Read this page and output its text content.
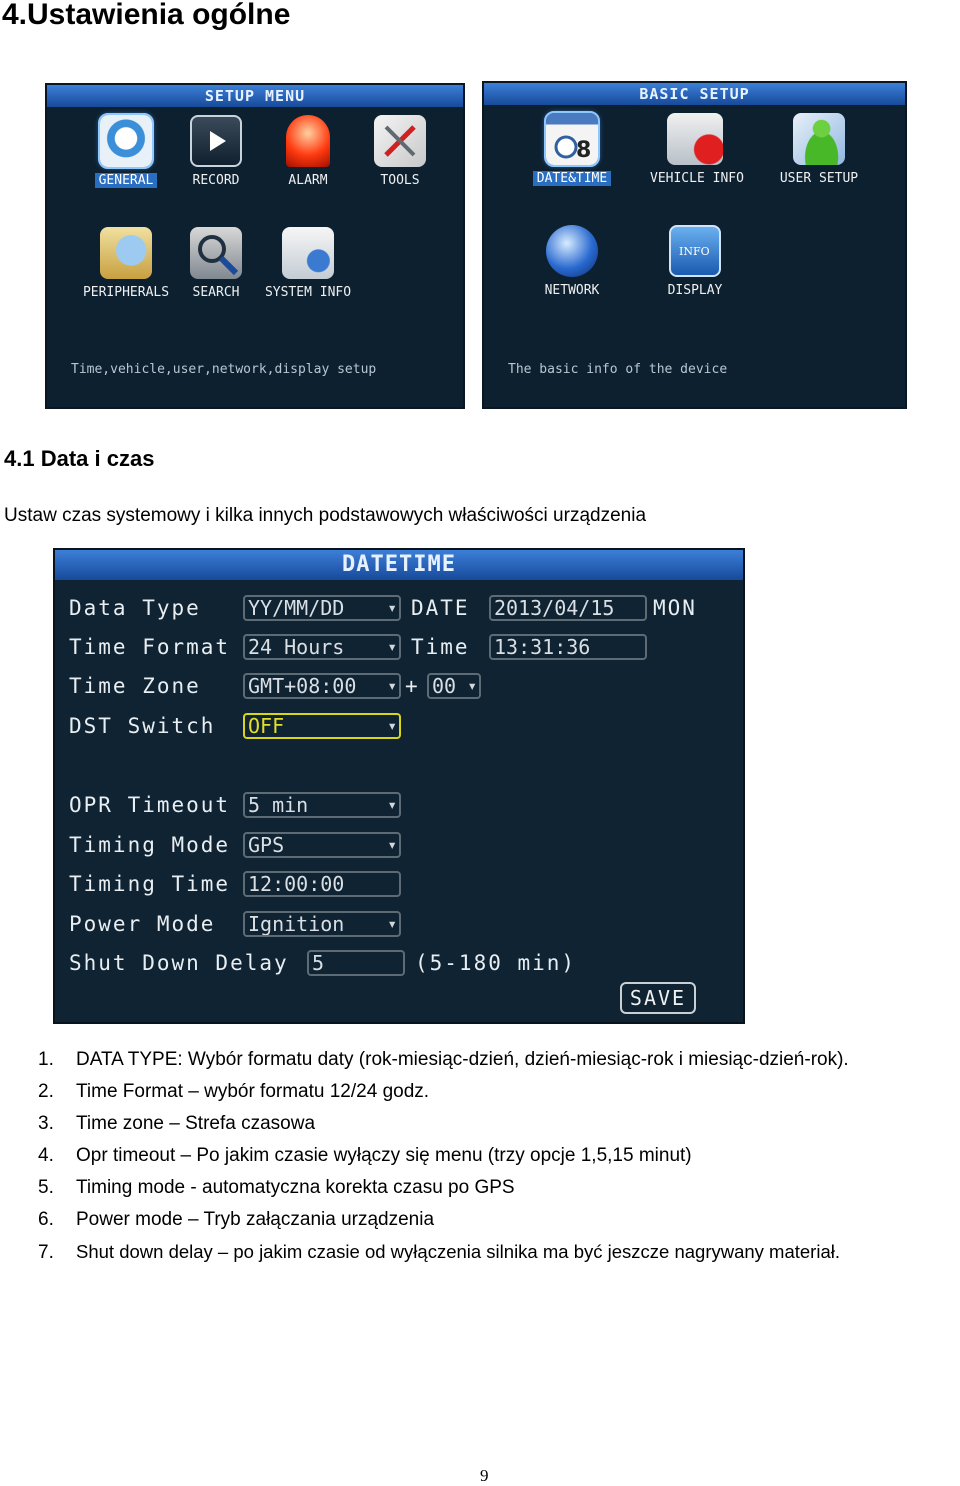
4.Ustawienia ogólne
SETUP MENU
GENERAL	RECORD	ALARM	TOOLS
PERIPHERALS	SEARCH	SYSTEM INFO
Time,vehicle,user,network,display setup
BASIC SETUP
8
DATE&TIME	VEHICLE INFO	USER SETUP
NETWORK
INFO
DISPLAY
The basic info of the device
4.1 Data i czas

Ustaw czas systemowy i kilka innych podstawowych właściwości urządzenia

DATETIME
Data Type YY/MM/DD ▾	DATE 2013/04/15	MON
Time Format 24 Hours ▾	Time 13:31:36
Time Zone GMT+08:00 ▾	+ 00 ▾
DST Switch OFF ▾
OPR Timeout 5 min ▾
Timing Mode GPS ▾
Timing Time 12:00:00
Power Mode Ignition ▾
Shut Down Delay 5	(5-180 min)
SAVE
1. DATA TYPE: Wybór formatu daty (rok-miesiąc-dzień, dzień-miesiąc-rok i miesiąc-dzień-rok).
2. Time Format – wybór formatu 12/24 godz.
3. Time zone – Strefa czasowa
4. Opr timeout – Po jakim czasie wyłączy się menu (trzy opcje 1,5,15 minut)
5. Timing mode - automatyczna korekta czasu po GPS
6. Power mode – Tryb załączania urządzenia
7. Shut down delay – po jakim czasie od wyłączenia silnika ma być jeszcze nagrywany materiał.
9
